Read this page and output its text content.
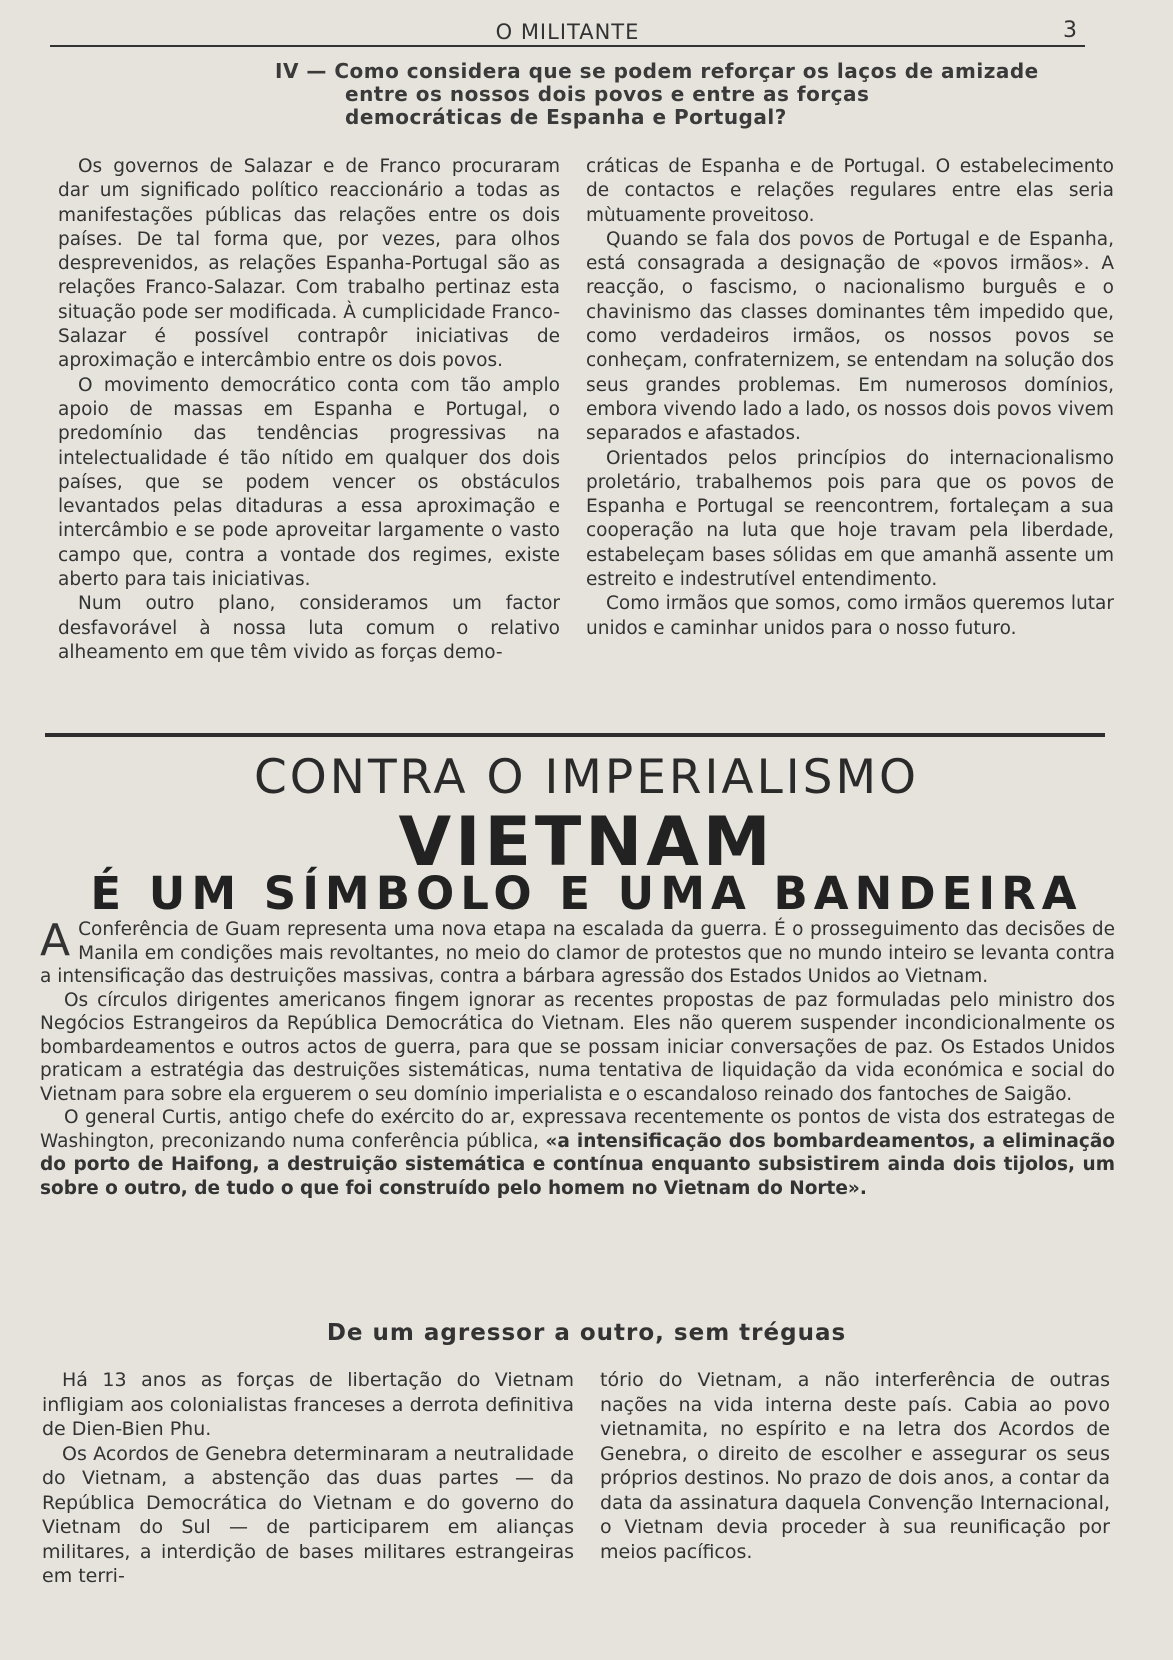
O MILITANTE	3
IV — Como considera que se podem reforçar os laços de amizade

entre os nossos dois povos e entre as forças
democráticas de Espanha e Portugal?

Os governos de Salazar e de Franco procuraram dar um significado político reaccionário a todas as manifestações públicas das relações entre os dois países. De tal forma que, por vezes, para olhos desprevenidos, as relações Espanha-Portugal são as relações Franco-Salazar. Com trabalho pertinaz esta situação pode ser modificada. À cumplicidade Franco-Salazar é possível contrapôr iniciativas de aproximação e intercâmbio entre os dois povos.

O movimento democrático conta com tão amplo apoio de massas em Espanha e Portugal, o predomínio das tendências progressivas na intelectualidade é tão nítido em qualquer dos dois países, que se podem vencer os obstáculos levantados pelas ditaduras a essa aproximação e intercâmbio e se pode aproveitar largamente o vasto campo que, contra a vontade dos regimes, existe aberto para tais iniciativas.

Num outro plano, consideramos um factor desfavorável à nossa luta comum o relativo alheamento em que têm vivido as forças demo-

cráticas de Espanha e de Portugal. O estabelecimento de contactos e relações regulares entre elas seria mùtuamente proveitoso.

Quando se fala dos povos de Portugal e de Espanha, está consagrada a designação de «povos irmãos». A reacção, o fascismo, o nacionalismo burguês e o chavinismo das classes dominantes têm impedido que, como verdadeiros irmãos, os nossos povos se conheçam, confraternizem, se entendam na solução dos seus grandes problemas. Em numerosos domínios, embora vivendo lado a lado, os nossos dois povos vivem separados e afastados.

Orientados pelos princípios do internacionalismo proletário, trabalhemos pois para que os povos de Espanha e Portugal se reencontrem, fortaleçam a sua cooperação na luta que hoje travam pela liberdade, estabeleçam bases sólidas em que amanhã assente um estreito e indestrutível entendimento.

Como irmãos que somos, como irmãos queremos lutar unidos e caminhar unidos para o nosso futuro.

CONTRA O IMPERIALISMO
VIETNAM
É UM SÍMBOLO E UMA BANDEIRA

A Conferência de Guam representa uma nova etapa na escalada da guerra. É o prosseguimento das decisões de Manila em condições mais revoltantes, no meio do clamor de protestos que no mundo inteiro se levanta contra a intensificação das destruições massivas, contra a bárbara agressão dos Estados Unidos ao Vietnam.

Os círculos dirigentes americanos fingem ignorar as recentes propostas de paz formuladas pelo ministro dos Negócios Estrangeiros da República Democrática do Vietnam. Eles não querem suspender incondicionalmente os bombardeamentos e outros actos de guerra, para que se possam iniciar conversações de paz. Os Estados Unidos praticam a estratégia das destruições sistemáticas, numa tentativa de liquidação da vida económica e social do Vietnam para sobre ela erguerem o seu domínio imperialista e o escandaloso reinado dos fantoches de Saigão.

O general Curtis, antigo chefe do exército do ar, expressava recentemente os pontos de vista dos estrategas de Washington, preconizando numa conferência pública, «a intensificação dos bombardeamentos, a eliminação do porto de Haifong, a destruição sistemática e contínua enquanto subsistirem ainda dois tijolos, um sobre o outro, de tudo o que foi construído pelo homem no Vietnam do Norte».

De um agressor a outro, sem tréguas

Há 13 anos as forças de libertação do Vietnam infligiam aos colonialistas franceses a derrota definitiva de Dien-Bien Phu.

Os Acordos de Genebra determinaram a neutralidade do Vietnam, a abstenção das duas partes — da República Democrática do Vietnam e do governo do Vietnam do Sul — de participarem em alianças militares, a interdição de bases militares estrangeiras em terri-

tório do Vietnam, a não interferência de outras nações na vida interna deste país. Cabia ao povo vietnamita, no espírito e na letra dos Acordos de Genebra, o direito de escolher e assegurar os seus próprios destinos. No prazo de dois anos, a contar da data da assinatura daquela Convenção Internacional, o Vietnam devia proceder à sua reunificação por meios pacíficos.
